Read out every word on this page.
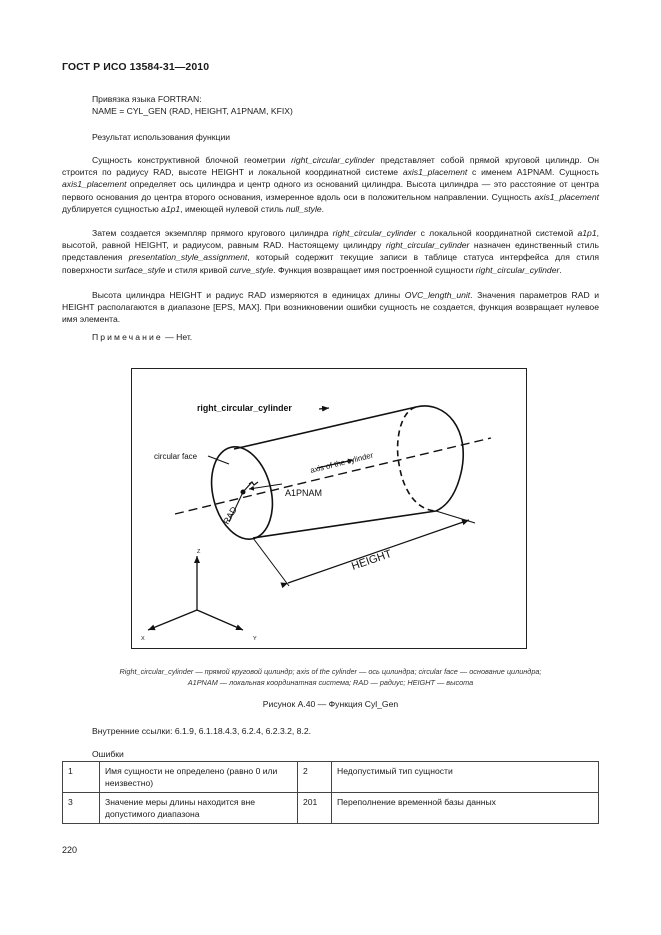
ГОСТ Р ИСО 13584-31—2010
Привязка языка FORTRAN:
NAME = CYL_GEN (RAD, HEIGHT, A1PNAM, KFIX)
Результат использования функции

Сущность конструктивной блочной геометрии right_circular_cylinder представляет собой прямой круговой цилиндр. Он строится по радиусу RAD, высоте HEIGHT и локальной координатной системе axis1_placement с именем A1PNAM. Сущность axis1_placement определяет ось цилиндра и центр одного из оснований цилиндра. Высота цилиндра — это расстояние от центра первого основания до центра второго основания, измеренное вдоль оси в положительном направлении. Сущность axis1_placement дублируется сущностью a1p1, имеющей нулевой стиль null_style.

Затем создается экземпляр прямого кругового цилиндра right_circular_cylinder с локальной координатной системой a1p1, высотой, равной HEIGHT, и радиусом, равным RAD. Настоящему цилиндру right_circular_cylinder назначен единственный стиль представления presentation_style_assignment, который содержит текущие записи в таблице статуса интерфейса для стиля поверхности surface_style и стиля кривой curve_style. Функция возвращает имя построенной сущности right_circular_cylinder.

Высота цилиндра HEIGHT и радиус RAD измеряются в единицах длины OVC_length_unit. Значения параметров RAD и HEIGHT располагаются в диапазоне [EPS, MAX]. При возникновении ошибки сущность не создается, функция возвращает нулевое имя элемента.

Примечание — Нет.
right_circular_cylinder
circular face	axis of the cylinder
A1PNAM
RAD
HEIGHT
Z
X	Y
Right_circular_cylinder — прямой круговой цилиндр; axis of the cylinder — ось цилиндра; circular face — основание цилиндра;
A1PNAM — локальная координатная система; RAD — радиус; HEIGHT — высота
Рисунок А.40 — Функция Cyl_Gen
Внутренние ссылки: 6.1.9, 6.1.18.4.3, 6.2.4, 6.2.3.2, 8.2.
Ошибки
1	Имя сущности не определено (равно 0 или неизвестно)	2	Недопустимый тип сущности
3	Значение меры длины находится вне допустимого диапазона	201	Переполнение временной базы данных
220
